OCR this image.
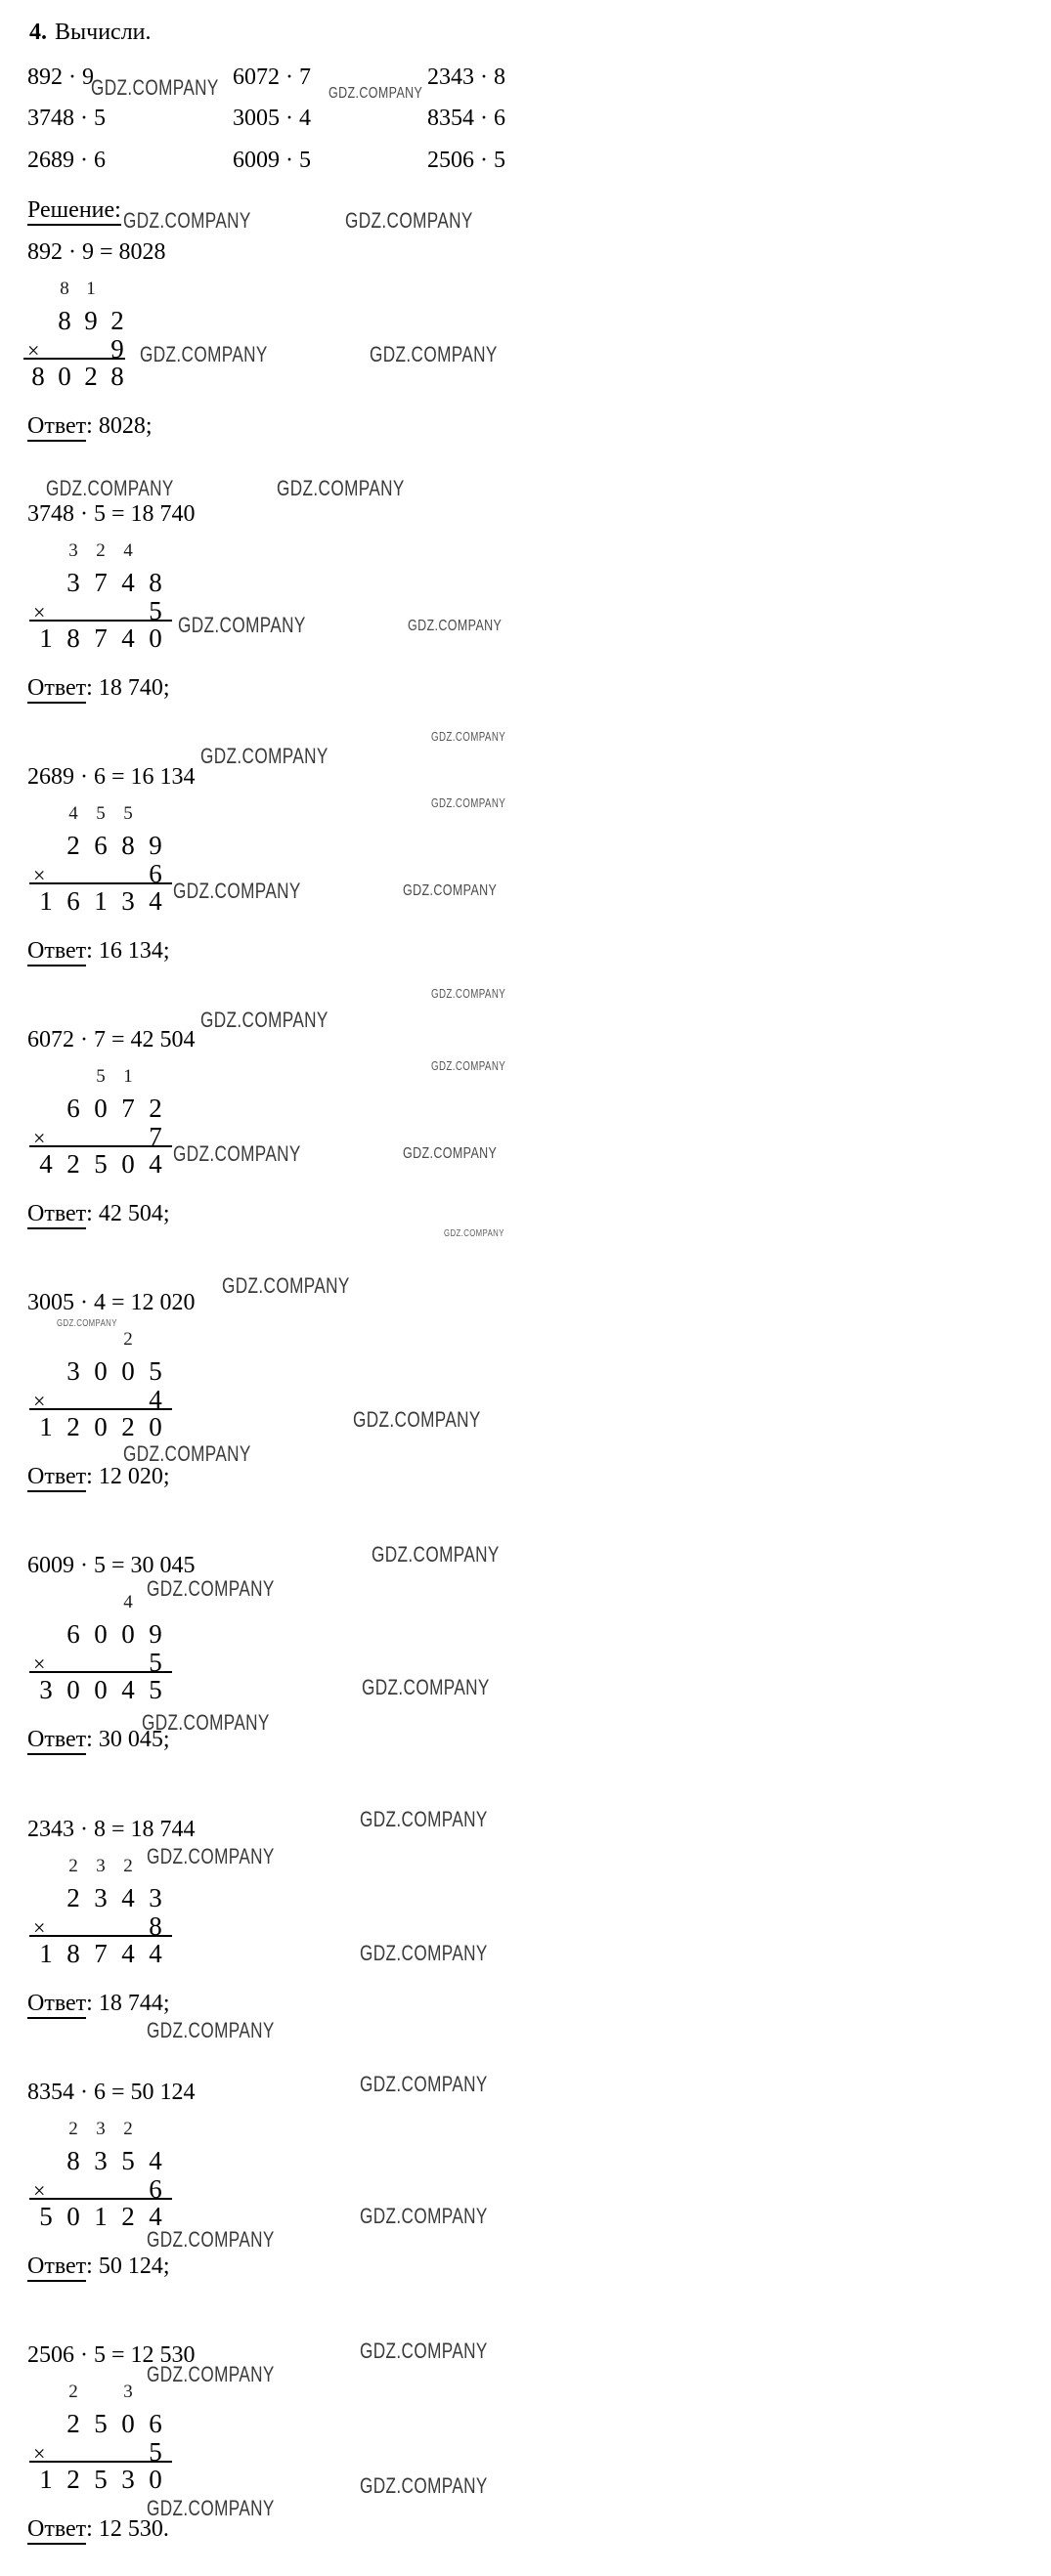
4. Вычисли.
892 · 9	6072 · 7	2343 · 8
3748 · 5	3005 · 4	8354 · 6
2689 · 6	6009 · 5	2506 · 5
Решение:
892 · 9 = 8028
×
8 1
8 9 2
9
8 0 2 8
Ответ: 8028;
3748 · 5 = 18 740
×
3 2 4
3 7 4 8
5
1 8 7 4 0
Ответ: 18 740;
2689 · 6 = 16 134
×
4 5 5
2 6 8 9
6
1 6 1 3 4
Ответ: 16 134;
6072 · 7 = 42 504
×
5 1
6 0 7 2
7
4 2 5 0 4
Ответ: 42 504;
3005 · 4 = 12 020
×
2
3 0 0 5
4
1 2 0 2 0
Ответ: 12 020;
6009 · 5 = 30 045
×
4
6 0 0 9
5
3 0 0 4 5
Ответ: 30 045;
2343 · 8 = 18 744
×
2 3 2
2 3 4 3
8
1 8 7 4 4
Ответ: 18 744;
8354 · 6 = 50 124
×
2 3 2
8 3 5 4
6
5 0 1 2 4
Ответ: 50 124;
2506 · 5 = 12 530
×
2	3
2 5 0 6
5
1 2 5 3 0
Ответ: 12 530.
GDZ.COMPANY	GDZ.COMPANY
GDZ.COMPANY	GDZ.COMPANY
GDZ.COMPANY	GDZ.COMPANY
GDZ.COMPANY	GDZ.COMPANY
GDZ.COMPANY	GDZ.COMPANY
GDZ.COMPANY
GDZ.COMPANY
GDZ.COMPANY
GDZ.COMPANY	GDZ.COMPANY
GDZ.COMPANY
GDZ.COMPANY
GDZ.COMPANY
GDZ.COMPANY	GDZ.COMPANY
GDZ.COMPANY
GDZ.COMPANY
GDZ.COMPANY
GDZ.COMPANY
GDZ.COMPANY
GDZ.COMPANY
GDZ.COMPANY
GDZ.COMPANY
GDZ.COMPANY
GDZ.COMPANY
GDZ.COMPANY
GDZ.COMPANY
GDZ.COMPANY
GDZ.COMPANY
GDZ.COMPANY
GDZ.COMPANY
GDZ.COMPANY
GDZ.COMPANY
GDZ.COMPANY
GDZ.COMPANY
